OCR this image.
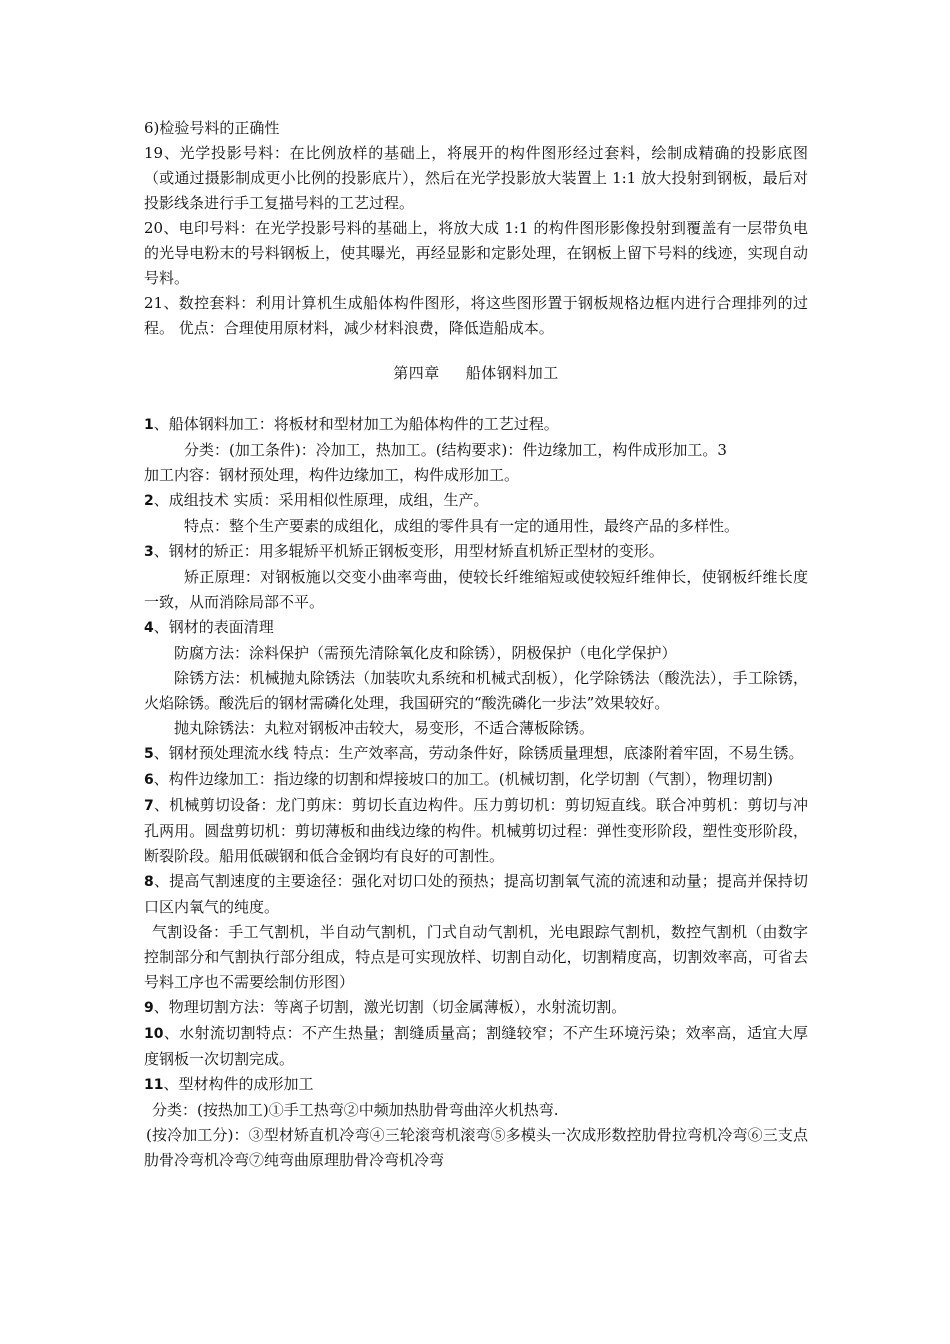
6)检验号料的正确性

19、光学投影号料：在比例放样的基础上，将展开的构件图形经过套料，绘制成精确的投影底图（或通过摄影制成更小比例的投影底片），然后在光学投影放大装置上 1:1 放大投射到钢板，最后对投影线条进行手工复描号料的工艺过程。

20、电印号料：在光学投影号料的基础上，将放大成 1:1 的构件图形影像投射到覆盖有一层带负电的光导电粉末的号料钢板上，使其曝光，再经显影和定影处理，在钢板上留下号料的线迹，实现自动号料。

21、数控套料：利用计算机生成船体构件图形，将这些图形置于钢板规格边框内进行合理排列的过程。 优点：合理使用原材料，减少材料浪费，降低造船成本。

第四章 船体钢料加工

1、船体钢料加工：将板材和型材加工为船体构件的工艺过程。

分类：(加工条件)：冷加工，热加工。(结构要求)：件边缘加工，构件成形加工。3

加工内容：钢材预处理，构件边缘加工，构件成形加工。

2、成组技术 实质：采用相似性原理，成组，生产。

特点：整个生产要素的成组化，成组的零件具有一定的通用性，最终产品的多样性。

3、钢材的矫正：用多辊矫平机矫正钢板变形，用型材矫直机矫正型材的变形。

矫正原理：对钢板施以交变小曲率弯曲，使较长纤维缩短或使较短纤维伸长，使钢板纤维长度一致，从而消除局部不平。

4、钢材的表面清理

防腐方法：涂料保护（需预先清除氧化皮和除锈），阴极保护（电化学保护）

除锈方法：机械抛丸除锈法（加装吹丸系统和机械式刮板），化学除锈法（酸洗法），手工除锈，火焰除锈。酸洗后的钢材需磷化处理，我国研究的“酸洗磷化一步法”效果较好。

抛丸除锈法：丸粒对钢板冲击较大，易变形，不适合薄板除锈。

5、钢材预处理流水线 特点：生产效率高，劳动条件好，除锈质量理想，底漆附着牢固，不易生锈。

6、构件边缘加工：指边缘的切割和焊接坡口的加工。(机械切割，化学切割（气割），物理切割)

7、机械剪切设备：龙门剪床：剪切长直边构件。压力剪切机：剪切短直线。联合冲剪机：剪切与冲孔两用。圆盘剪切机：剪切薄板和曲线边缘的构件。机械剪切过程：弹性变形阶段，塑性变形阶段，断裂阶段。船用低碳钢和低合金钢均有良好的可割性。

8、提高气割速度的主要途径：强化对切口处的预热；提高切割氧气流的流速和动量；提高并保持切口区内氧气的纯度。

气割设备：手工气割机，半自动气割机，门式自动气割机，光电跟踪气割机，数控气割机（由数字控制部分和气割执行部分组成，特点是可实现放样、切割自动化，切割精度高，切割效率高，可省去号料工序也不需要绘制仿形图）

9、物理切割方法：等离子切割，激光切割（切金属薄板），水射流切割。

10、水射流切割特点：不产生热量；割缝质量高；割缝较窄；不产生环境污染；效率高，适宜大厚度钢板一次切割完成。

11、型材构件的成形加工

分类：(按热加工)①手工热弯②中频加热肋骨弯曲淬火机热弯.

(按冷加工分)：③型材矫直机冷弯④三轮滚弯机滚弯⑤多模头一次成形数控肋骨拉弯机冷弯⑥三支点肋骨冷弯机冷弯⑦纯弯曲原理肋骨冷弯机冷弯
